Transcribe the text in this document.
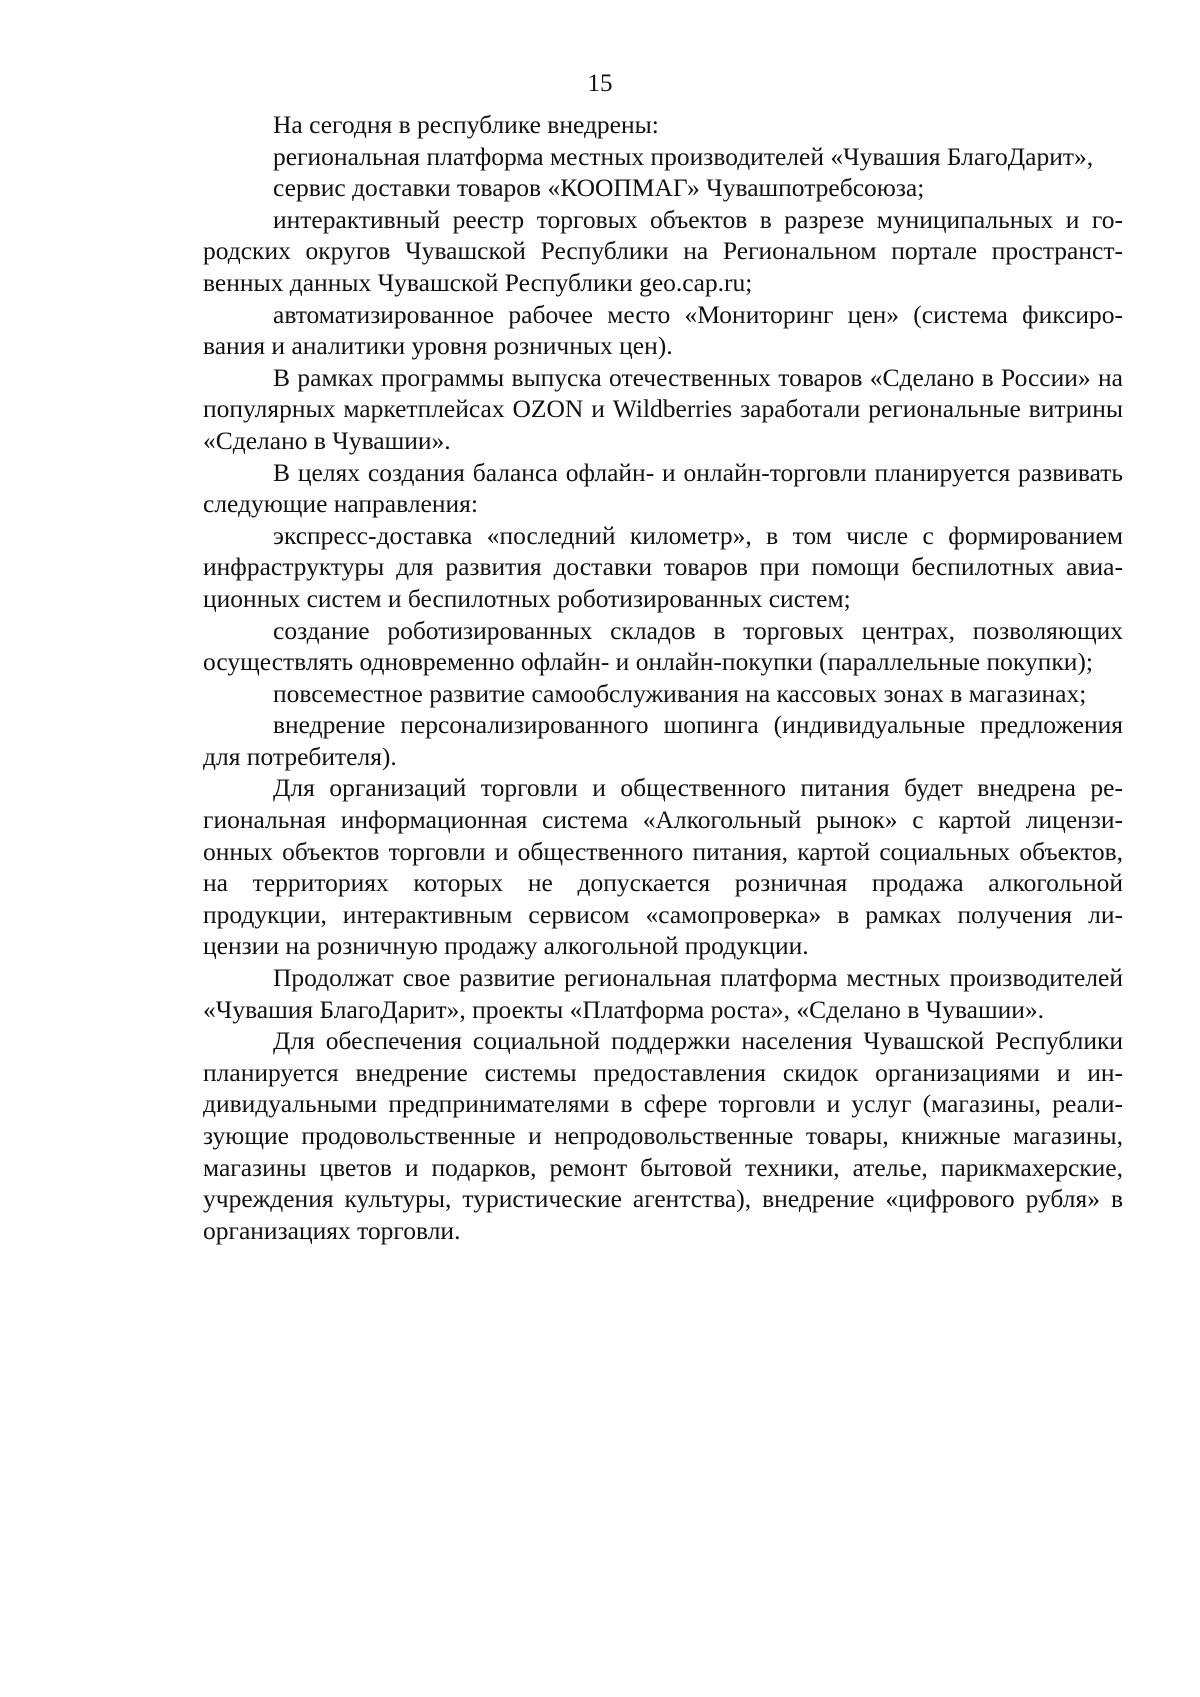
15

На сегодня в республике внедрены:

региональная платформа местных производителей «Чувашия БлагоДарит»,

сервис доставки товаров «КООПМАГ» Чувашпотребсоюза;

интерактивный реестр торговых объектов в разрезе муниципальных и городских округов Чувашской Республики на Региональном портале пространственных данных Чувашской Республики geo.cap.ru;

автоматизированное рабочее место «Мониторинг цен» (система фиксирования и аналитики уровня розничных цен).

В рамках программы выпуска отечественных товаров «Сделано в России» на популярных маркетплейсах OZON и Wildberries заработали региональные витрины «Сделано в Чувашии».

В целях создания баланса офлайн- и онлайн-торговли планируется развивать следующие направления:

экспресс-доставка «последний километр», в том числе с формированием инфраструктуры для развития доставки товаров при помощи беспилотных авиационных систем и беспилотных роботизированных систем;

создание роботизированных складов в торговых центрах, позволяющих осуществлять одновременно офлайн- и онлайн-покупки (параллельные покупки);

повсеместное развитие самообслуживания на кассовых зонах в магазинах;

внедрение персонализированного шопинга (индивидуальные предложения для потребителя).

Для организаций торговли и общественного питания будет внедрена региональная информационная система «Алкогольный рынок» с картой лицензионных объектов торговли и общественного питания, картой социальных объектов, на территориях которых не допускается розничная продажа алкогольной продукции, интерактивным сервисом «самопроверка» в рамках получения лицензии на розничную продажу алкогольной продукции.

Продолжат свое развитие региональная платформа местных производителей «Чувашия БлагоДарит», проекты «Платформа роста», «Сделано в Чувашии».

Для обеспечения социальной поддержки населения Чувашской Республики планируется внедрение системы предоставления скидок организациями и индивидуальными предпринимателями в сфере торговли и услуг (магазины, реализующие продовольственные и непродовольственные товары, книжные магазины, магазины цветов и подарков, ремонт бытовой техники, ателье, парикмахерские, учреждения культуры, туристические агентства), внедрение «цифрового рубля» в организациях торговли.
